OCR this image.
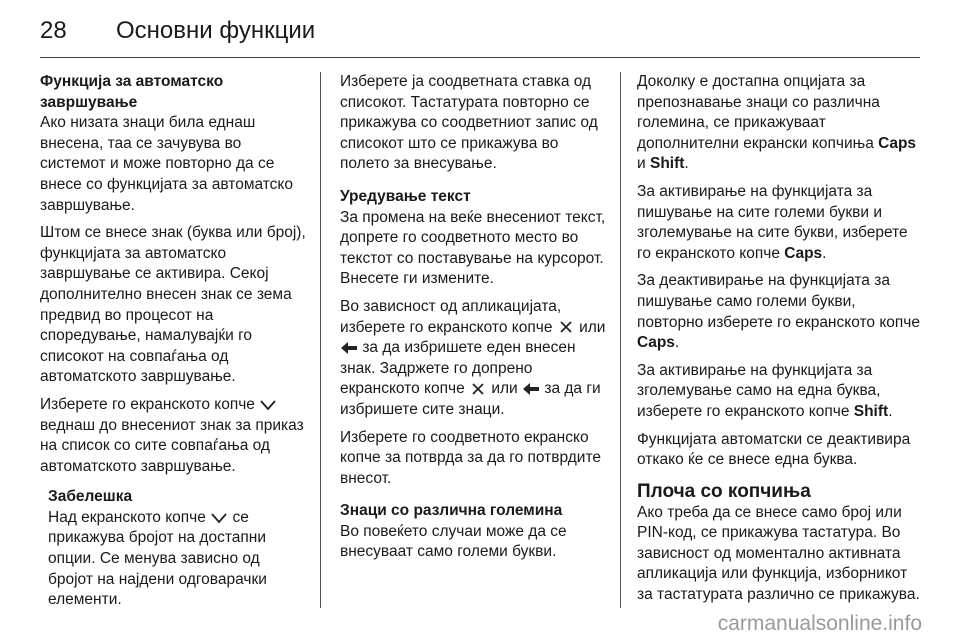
28	Основни функции
Функција за автоматско завршување

Ако низата знаци била еднаш внесена, таа се зачувува во системот и може повторно да се внесе со функцијата за автоматско завршување.

Штом се внесе знак (буква или број), функцијата за автоматско завршување се активира. Секој дополнително внесен знак се зема предвид во процесот на споредување, намалувајќи го списокот на совпаѓања од автоматското завршување.

Изберете го екранското копче
веднаш до внесениот знак за приказ на список со сите совпаѓања од автоматското завршување.

Забелешка
Над екранското копче се прикажува бројот на достапни опции. Се менува зависно од бројот на најдени одговарачки елементи.

Изберете ја соодветната ставка од списокот. Тастатурата повторно се прикажува со соодветниот запис од списокот што се прикажува во полето за внесување.

Уредување текст

За промена на веќе внесениот текст, допрете го соодветното место во текстот со поставување на курсорот. Внесете ги измените.

Во зависност од апликацијата, изберете го екранското копче или
за да избришете еден внесен знак. Задржете го допрено екранското копче или за да ги избришете сите знаци.

Изберете го соодветното екранско копче за потврда за да го потврдите внесот.

Знаци со различна големина

Во повеќето случаи може да се внесуваат само големи букви.

Доколку е достапна опцијата за препознавање знаци со различна големина, се прикажуваат дополнителни екрански копчиња Caps и Shift.

За активирање на функцијата за пишување на сите големи букви и зголемување на сите букви, изберете го екранското копче Caps.

За деактивирање на функцијата за пишување само големи букви, повторно изберете го екранското копче Caps.

За активирање на функцијата за зголемување само на една буква, изберете го екранското копче Shift.

Функцијата автоматски се деактивира откако ќе се внесе една буква.

Плоча со копчиња

Ако треба да се внесе само број или PIN-код, се прикажува тастатура. Во зависност од моментално активната апликација или функција, изборникот за тастатурата различно се прикажува.

carmanualsonline.info
